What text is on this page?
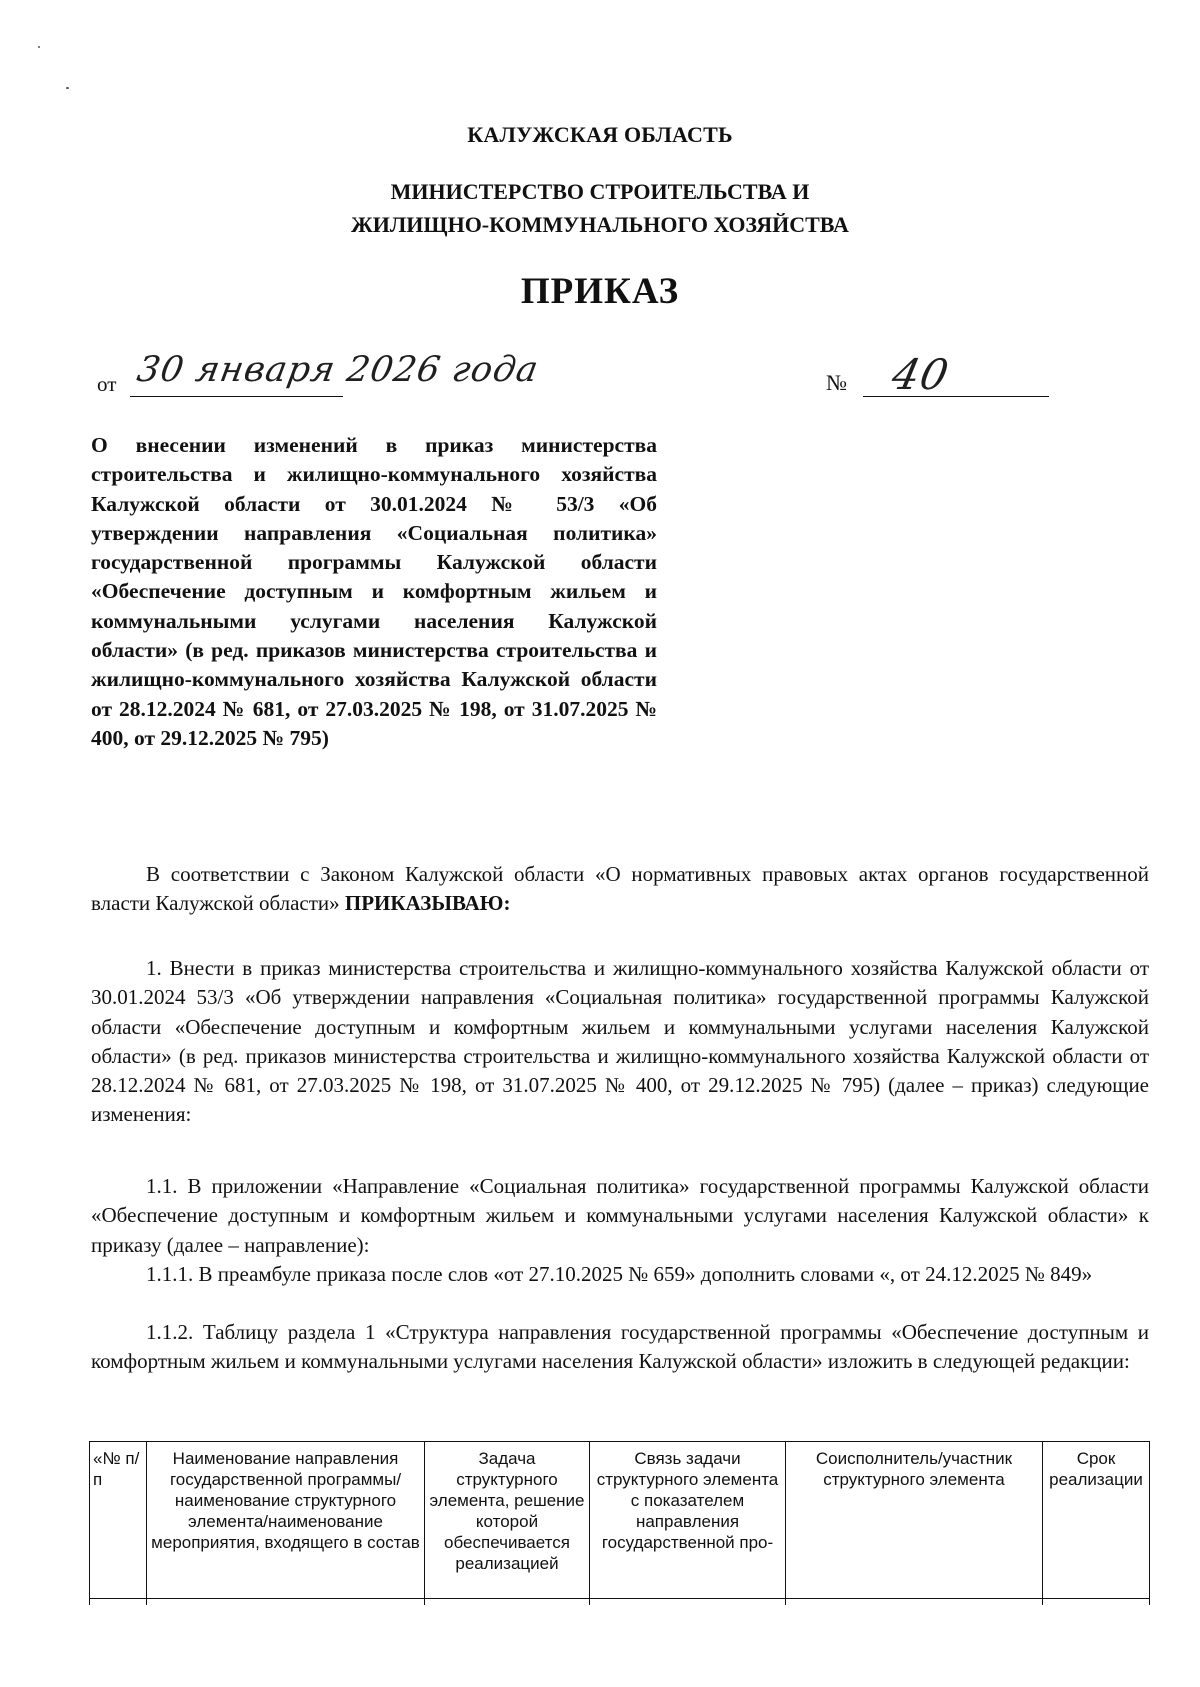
КАЛУЖСКАЯ ОБЛАСТЬ
МИНИСТЕРСТВО СТРОИТЕЛЬСТВА И
ЖИЛИЩНО-КОММУНАЛЬНОГО ХОЗЯЙСТВА
ПРИКАЗ
от 30 января 2026 года	№ 40
О внесении изменений в приказ министерства строительства и жилищно-коммунального хозяйства Калужской области от 30.01.2024 № 53/3 «Об утверждении направления «Социальная политика» государственной программы Калужской области «Обеспечение доступным и комфортным жильем и коммунальными услугами населения Калужской области» (в ред. приказов министерства строительства и жилищно-коммунального хозяйства Калужской области от 28.12.2024 № 681, от 27.03.2025 № 198, от 31.07.2025 № 400, от 29.12.2025 № 795)
В соответствии с Законом Калужской области «О нормативных правовых актах органов государственной власти Калужской области» ПРИКАЗЫВАЮ:
1. Внести в приказ министерства строительства и жилищно-коммунального хозяйства Калужской области от 30.01.2024 53/3 «Об утверждении направления «Социальная политика» государственной программы Калужской области «Обеспечение доступным и комфортным жильем и коммунальными услугами населения Калужской области» (в ред. приказов министерства строительства и жилищно-коммунального хозяйства Калужской области от 28.12.2024 № 681, от 27.03.2025 № 198, от 31.07.2025 № 400, от 29.12.2025 № 795) (далее – приказ) следующие изменения:
1.1. В приложении «Направление «Социальная политика» государственной программы Калужской области «Обеспечение доступным и комфортным жильем и коммунальными услугами населения Калужской области» к приказу (далее – направление):
1.1.1. В преамбуле приказа после слов «от 27.10.2025 № 659» дополнить словами «, от 24.12.2025 № 849»
1.1.2. Таблицу раздела 1 «Структура направления государственной программы «Обеспечение доступным и комфортным жильем и коммунальными услугами населения Калужской области» изложить в следующей редакции:
«№ п/п	Наименование направления государственной программы/наименование структурного элемента/наименование мероприятия, входящего в состав	Задача структурного элемента, решение которой обеспечивается реализацией	Связь задачи структурного элемента с показателем направления государственной про-	Соисполнитель/участник структурного элемента	Срок реализации
